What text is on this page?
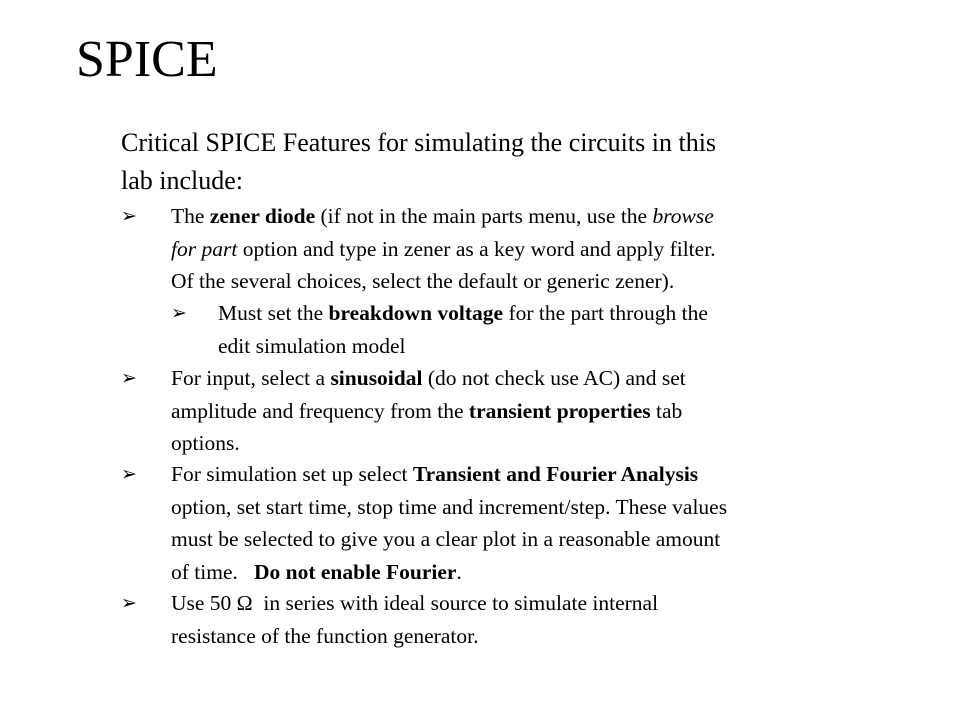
SPICE

Critical SPICE Features for simulating the circuits in this
lab include:

➢ The zener diode (if not in the main parts menu, use the browse
for part option and type in zener as a key word and apply filter.
Of the several choices, select the default or generic zener).
➢ Must set the breakdown voltage for the part through the
edit simulation model
➢ For input, select a sinusoidal (do not check use AC) and set
amplitude and frequency from the transient properties tab
options.
➢ For simulation set up select Transient and Fourier Analysis
option, set start time, stop time and increment/step. These values
must be selected to give you a clear plot in a reasonable amount
of time.   Do not enable Fourier.
➢ Use 50 Ω  in series with ideal source to simulate internal
resistance of the function generator.
